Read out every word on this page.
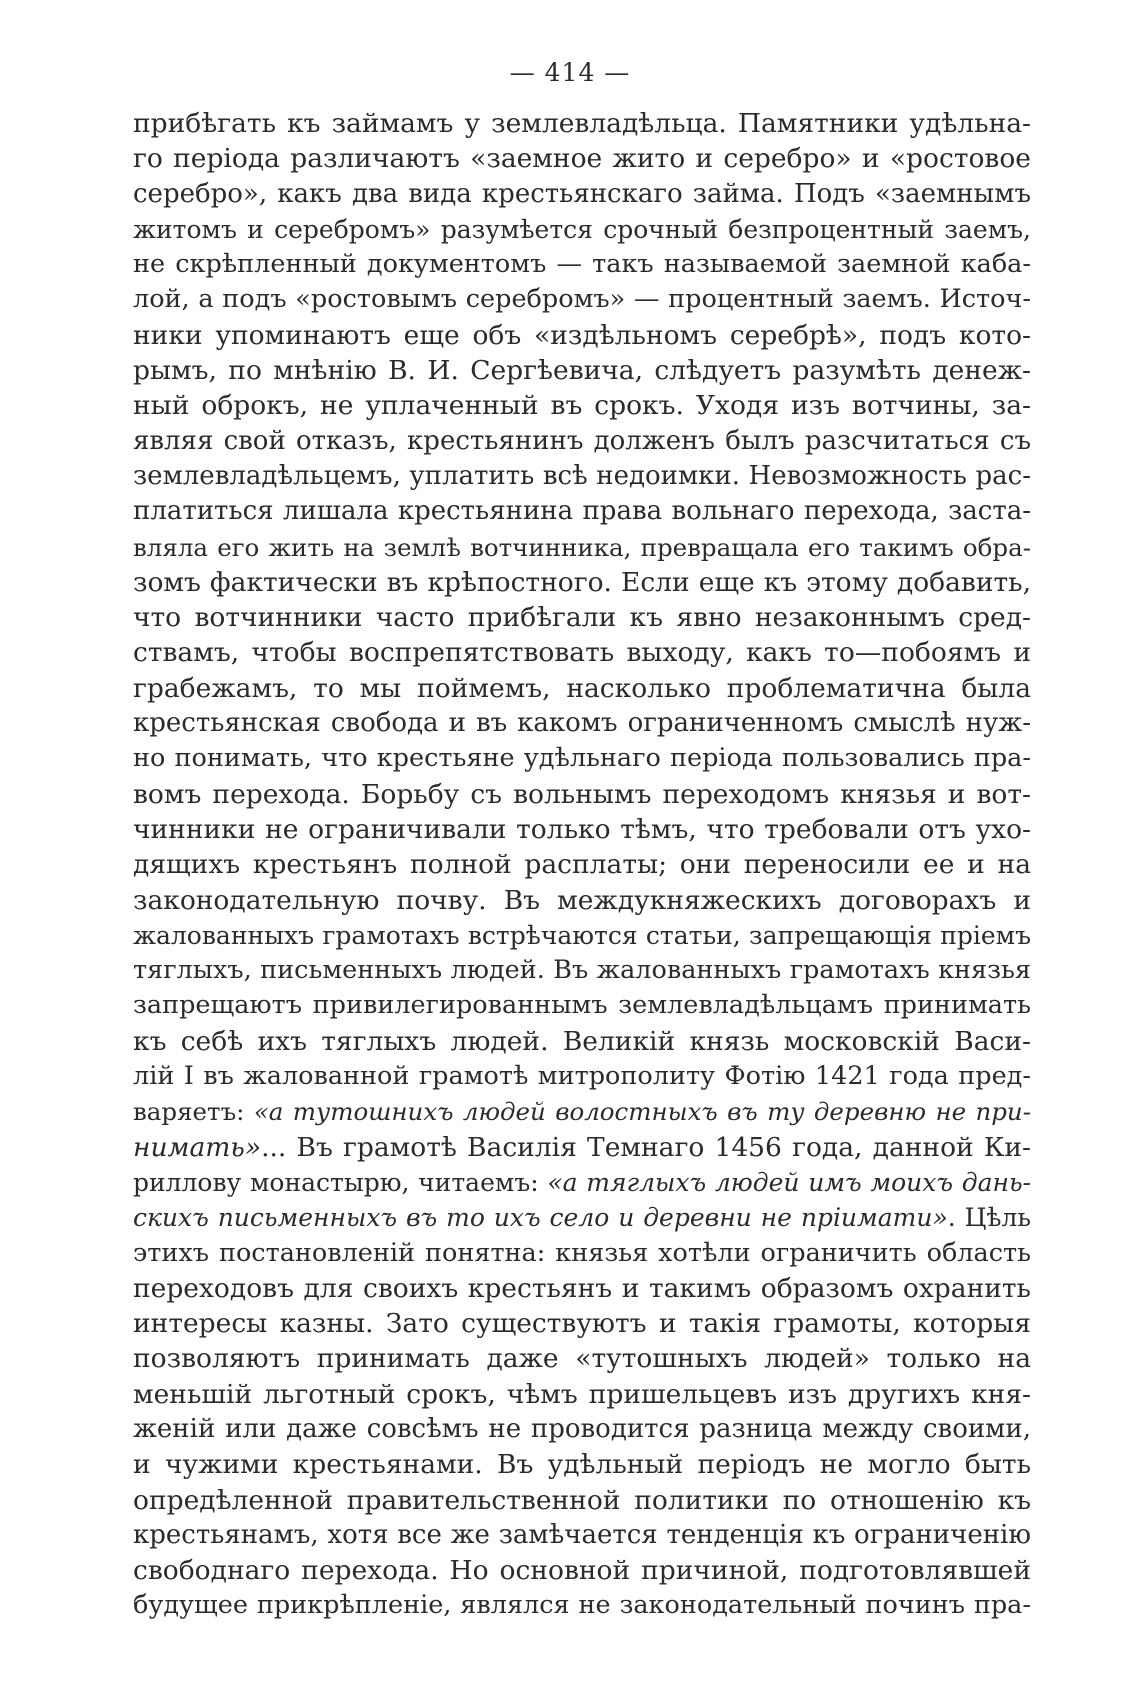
— 414 —
прибѣгать къ займамъ у землевладѣльца. Памятники удѣльна-
го періода различаютъ «заемное жито и серебро» и «ростовое
серебро», какъ два вида крестьянскаго займа. Подъ «заемнымъ
житомъ и серебромъ» разумѣется срочный безпроцентный заемъ,
не скрѣпленный документомъ — такъ называемой заемной каба-
лой, а подъ «ростовымъ серебромъ» — процентный заемъ. Источ-
ники упоминаютъ еще объ «издѣльномъ серебрѣ», подъ кото-
рымъ, по мнѣнію В. И. Сергѣевича, слѣдуетъ разумѣть денеж-
ный оброкъ, не уплаченный въ срокъ. Уходя изъ вотчины, за-
являя свой отказъ, крестьянинъ долженъ былъ разсчитаться съ
землевладѣльцемъ, уплатить всѣ недоимки. Невозможность рас-
платиться лишала крестьянина права вольнаго перехода, заста-
вляла его жить на землѣ вотчинника, превращала его такимъ обра-
зомъ фактически въ крѣпостного. Если еще къ этому добавить,
что вотчинники часто прибѣгали къ явно незаконнымъ сред-
ствамъ, чтобы воспрепятствовать выходу, какъ то—побоямъ и
грабежамъ, то мы поймемъ, насколько проблематична была
крестьянская свобода и въ какомъ ограниченномъ смыслѣ нуж-
но понимать, что крестьяне удѣльнаго періода пользовались пра-
вомъ перехода. Борьбу съ вольнымъ переходомъ князья и вот-
чинники не ограничивали только тѣмъ, что требовали отъ ухо-
дящихъ крестьянъ полной расплаты; они переносили ее и на
законодательную почву. Въ междукняжескихъ договорахъ и
жалованныхъ грамотахъ встрѣчаются статьи, запрещающія пріемъ
тяглыхъ, письменныхъ людей. Въ жалованныхъ грамотахъ князья
запрещаютъ привилегированнымъ землевладѣльцамъ принимать
къ себѣ ихъ тяглыхъ людей. Великій князь московскій Васи-
лій I въ жалованной грамотѣ митрополиту Фотію 1421 года пред-
варяетъ: «а тутошнихъ людей волостныхъ въ ту деревню не при-
нимать»... Въ грамотѣ Василія Темнаго 1456 года, данной Ки-
риллову монастырю, читаемъ: «а тяглыхъ людей имъ моихъ дань-
скихъ письменныхъ въ то ихъ село и деревни не пріимати». Цѣль
этихъ постановленій понятна: князья хотѣли ограничить область
переходовъ для своихъ крестьянъ и такимъ образомъ охранить
интересы казны. Зато существуютъ и такія грамоты, которыя
позволяютъ принимать даже «тутошныхъ людей» только на
меньшій льготный срокъ, чѣмъ пришельцевъ изъ другихъ кня-
женій или даже совсѣмъ не проводится разница между своими,
и чужими крестьянами. Въ удѣльный періодъ не могло быть
опредѣленной правительственной политики по отношенію къ
крестьянамъ, хотя все же замѣчается тенденція къ ограниченію
свободнаго перехода. Но основной причиной, подготовлявшей
будущее прикрѣпленіе, являлся не законодательный починъ пра-
